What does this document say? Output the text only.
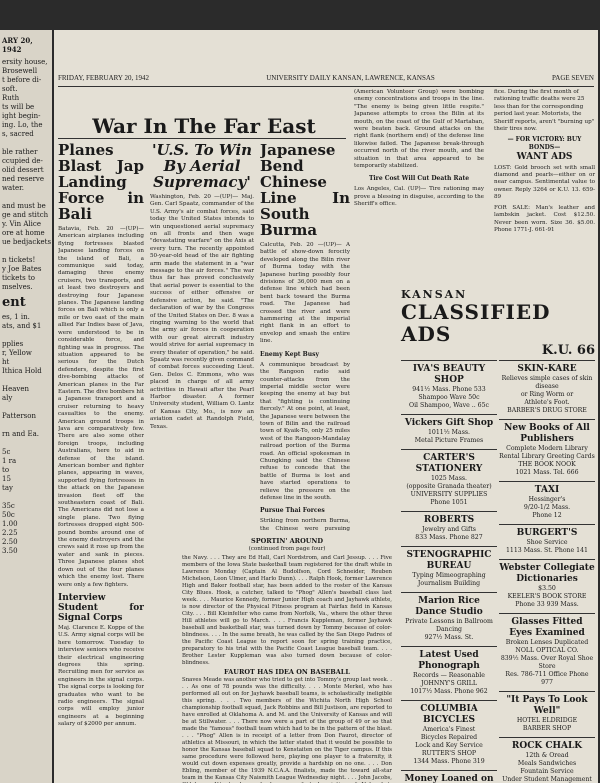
ARY 20, 1942
ersity house,
Brosewell
t before di-
soft.
Ruth
ts will be
ight begin-
ing. Lo, the
s, sacred
ble rather
ccupied de-
olid dessert
ned reserve
water.
and must be
ge and stitch
y. Vin Alice
ore at home
ue bedjackets
n tickets!
y Joe Bates
tickets to
mselves.
ent
es, 1 in.
ats, and $1
pplies
r, Yellow
ht
Ithica Hold
Heaven
aly
Patterson
rn and Ea.
5c
1 ra
to
15
tay
35c
50c
1.00
2.25
2.50
3.50
FRIDAY, FEBRUARY 20, 1942	UNIVERSITY DAILY KANSAN, LAWRENCE, KANSAS	PAGE SEVEN
War In The Far East
Planes Blast Jap Landing Force in Bali

Batavia, Feb. 20 —(UP)— American airplanes including flying fortresses blasted Japanese landing forces on the island of Bali, a communique said today, damaging three enemy cruisers, two transports, and at least two destroyers and destroying four Japanese planes. The Japanese landing forces on Bali which is only a mile or two east of the main allied Far Indies base of Java, were understood to be in considerable force, and fighting was in progress. The situation appeared to be serious for the Dutch defenders, despite the first dive-bombing attacks of American planes in the Far Eastern. The dive bombers hit a Japanese transport and a cruiser returning to heavy casualties to the enemy. American ground troops in Java are comparatively few. There are also some other foreign troops, including Australians, here to aid in defense of the island. American bomber and fighter planes, appearing in waves, supported flying fortresses in the attack on the Japanese invasion fleet off the southeastern coast of Bali. The Americans did not lose a single plane. Two flying fortresses dropped eight 500-pound bombs around one of the enemy destroyers and the crews said it rose up from the water and sank in pieces. Three Japanese planes shot down out of the four planes which the enemy lost. There were only a few fighters.

Interview Student for Signal Corps

Maj. Clarence E. Koppe of the U.S. Army signal corps will be here tomorrow. Tuesday to interview seniors who receive their electrical engineering degrees this spring. Recruiting men for service as engineers in the signal corps. The signal corps is looking for graduates who want to be radio engineers. The signal corps will employ junior engineers at a beginning salary of $2000 per annum.

'U.S. To Win By Aerial Supremacy'

Washington, Feb. 20 —(UP)— Maj. Gen. Carl Spaatz, commander of the U.S. Army's air combat forces, said today the United States intends to win unquestioned aerial supremacy on all fronts and then wage "devastating warfare" on the Axis at every turn. The recently appointed 50-year-old head of the air fighting arm made the statement in a "war message to the air forces." The war thus far has proved conclusively that aerial power is essential to the success of either offensive or defensive action, he said. "The declaration of war by the Congress of the United States on Dec. 8 was a ringing warning to the world that the army air forces in cooperation with our great aircraft industry would strive for aerial supremacy in every theater of operation," he said. Spaatz was recently given command of combat forces succeeding Lieut. Gen. Delos C. Emmons, who was placed in charge of all army activities in Hawaii after the Pearl Harbor disaster. A former University student, William O. Lantz of Kansas City, Mo., is now an aviation cadet at Randolph Field, Texas.

Japanese Bend Chinese Line In South Burma

Calcutta, Feb. 20 —(UP)— A battle of show-down ferocity developed along the Bilin river of Burma today with the Japanese hurling possibly four divisions of 36,000 men on a defense line which had been bent back toward the Burma road. The Japanese had crossed the river and were hammering at the imperial right flank in an effort to envelop and smash the entire line.

Enemy Kept Busy

A communique broadcast by the Rangoon radio said counter-attacks from the imperial middle sector were keeping the enemy at bay but that "fighting is continuing fiercely." At one point, at least, the Japanese were between the town of Bilin and the railroad town of Kyaik-To, only 25 miles west of the Rangoon-Mandalay railroad portion of the Burma road. An official spokesman in Chungking said the Chinese refuse to concede that the battle of Burma is lost and have started operations to relieve the pressure on the defense line in the south.

Pursue Thai Forces

Striking from northern Burma, the Chinese were pursuing

(American Volunteer Group) were bombing enemy concentrations and troops in the line. "The enemy is being given little respite." Japanese attempts to cross the Bilin at its mouth, on the coast of the Gulf of Martaban, were beaten back. Ground attacks on the right flank (northern end) of the defense line likewise failed. The Japanese break-through occurred north of the river mouth, and the situation in that area appeared to be temporarily stabilized.

Tire Cost Will Cut Death Rate

Los Angeles, Cal. (UP)— Tire rationing may prove a blessing in disguise, according to the Sheriff's office.

fice. During the first month of rationing traffic deaths were 25 less than for the corresponding period last year. Motorists, the Sheriff reports, aren't "burning up" their tires now.

— FOR VICTORY: BUY BONDS—
WANT ADS

LOST: Gold brooch set with small diamond and pearls—either on or near campus. Sentimental value to owner. Reply 3264 or K.U. 13. 659-89

FOR SALE: Man's leather and lambskin jacket. Cost $12.50. Never been worn. Size 36. $5.00. Phone 1771-J. 661-91

SPORTIN' AROUND
(continued from page four)

the Navy. . . . They are Ed Hall, Carl Nordstrom, and Carl Jessup. . . . Five members of the Iowa State basketball team registered for the draft while in Lawrence Monday (Captain Al Budolfson, Cord Schneider, Reuben Michelson, Leon Ulmer, and Harlo Dunn). . . . Ralph Hook, former Lawrence High and Baker football star, has been added to the roster of the Kansas City Blues. Hook, a catcher, talked to "Phog" Allen's baseball class last week. . . . Maurice Kennedy, former Junior High coach and Jayhawk athlete, is now director of the Physical Fitness program at Fairfax field in Kansas City. . . . Bill Kleinfelter who came from Norfolk, Va., where the other three Hill athletes will go to March. . . . Francis Kuppleman, former Jayhawk baseball and basketball star, was turned down by Tommy because of color-blindness. . . . In the same breath, he was called by the San Diego Padres of the Pacific Coast League to report soon for spring training practice, preparatory to his trial with the Pacific Coast League baseball team. . . . Brother Lester Kuppleman was also turned down because of color-blindness.

FAUROT HAS IDEA ON BASEBALL

Snaves Meade was another who tried to get into Tommy's group last week. . . . As one of 78 pounds was the difficulty. . . . Monte Merkel, who has performed all out on for Jayhawk baseball teams, is scholastically ineligible this spring. . . . Two members of the Wichita North High School championship football squad, Jack Robbins and Bill Justison, are reported to have enrolled at Oklahoma A. and M. and the University of Kansas and will be at Stillwater. . . . There now were a part of the group of 49 or so that made the "famous" football team which had to be in the pattern of the blast. . . . "Phog" Allen is in receipt of a letter from Don Faurot, director of athletics at Missouri, in which the latter stated that it would be possible to honor the Kansas baseball squad to Kenstaiten on the Tiger campus. If this same procedure were followed here, playing one player to a fraternity, it would cut down expenses greatly, provide a hardship on no one. . . . Don Ebling, member of the 1939 N.C.A.A. finalists, made the toward all-star team in the Kansas City Naismith League Wednesday night. . . . John Jacobs,

KANSAN
CLASSIFIED ADS
K.U. 66
IVA'S BEAUTY SHOP
941½ Mass. Phone 533
Shampoo Wave 50c
Oil Shampoo, Wave .. 65c
Vickers Gift Shop
1011½ Mass.
Metal Picture Frames
CARTER'S STATIONERY
1025 Mass.
(opposite Granada theater)
UNIVERSITY SUPPLIES
Phone 1051
ROBERTS
Jewelry and Gifts
833 Mass. Phone 827
STENOGRAPHIC BUREAU
Typing Mimeographing
Journalism Building
Marion Rice Dance Studio
Private Lessons in Ballroom Dancing
927½ Mass. St.
Latest Used Phonograph
Records — Reasonable
JOHNNY'S GRILL
1017½ Mass. Phone 962
COLUMBIA BICYCLES
America's Finest
Bicycles Repaired
Lock and Key Service
RUTTER'S SHOP
1344 Mass. Phone 319
Money Loaned on
SKIN-KARE
Relieves simple cases of skin disease
or Ring Worm or
Athlete's Foot.
BARBER'S DRUG STORE
New Books of All Publishers
Complete Modern Library
Rental Library Greeting Cards
THE BOOK NOOK
1021 Mass. Tel. 666
TAXI
Hessinger's
9/20-1/2 Mass.
Phone 12
BURGERT'S
Shoe Service
1113 Mass. St. Phone 141
Webster Collegiate Dictionaries
$3.50
KEELER'S BOOK STORE
Phone 33 939 Mass.
Glasses Fitted Eyes Examined
Broken Lenses Duplicated
NOLL OPTICAL CO.
839½ Mass. Over Royal Shoe Store
Res. 786-711 Office Phone 977
"It Pays To Look Well"
HOTEL ELDRIDGE
BARBER SHOP
ROCK CHALK
12th & Oread
Meals Sandwiches
Fountain Service
Under Student Management
